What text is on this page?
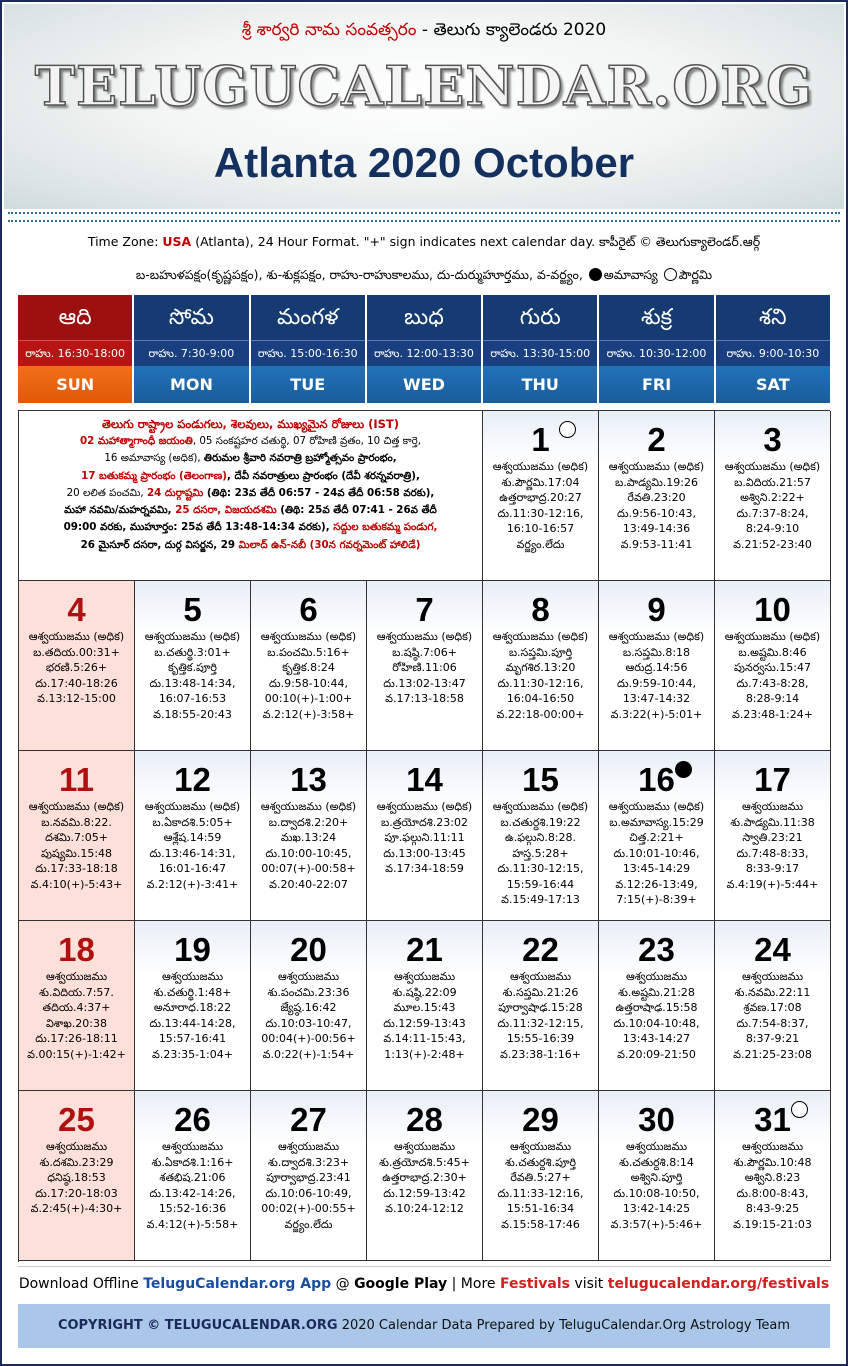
శ్రీ శార్వరి నామ సంవత్సరం - తెలుగు క్యాలెండరు 2020
TELUGUCALENDAR.ORG
Atlanta 2020 October
Time Zone: USA (Atlanta), 24 Hour Format. "+" sign indicates next calendar day. కాపీరైట్ © తెలుగుక్యాలెండర్.ఆర్గ్
బ-బహుళపక్షం(కృష్ణపక్షం), శు-శుక్లపక్షం, రాహు-రాహుకాలము, దు-దుర్ముహూర్తము, వ-వర్జ్యం, అమావాస్య పౌర్ణమి
ఆది
రాహు. 16:30-18:00
SUN
సోమ
రాహు. 7:30-9:00
MON
మంగళ
రాహు. 15:00-16:30
TUE
బుధ
రాహు. 12:00-13:30
WED
గురు
రాహు. 13:30-15:00
THU
శుక్ర
రాహు. 10:30-12:00
FRI
శని
రాహు. 9:00-10:30
SAT
తెలుగు రాష్ట్రాల పండుగలు, శెలవులు, ముఖ్యమైన రోజులు (IST)
02 మహాత్మాగాంధీ జయంతి, 05 సంకష్టహర చతుర్థి, 07 రోహిణి వ్రతం, 10 చిత్త కార్తె,
16 అమావాస్య (అధిక), తిరుమల శ్రీవారి నవరాత్రి బ్రహ్మోత్సవం ప్రారంభం,
17 బతుకమ్మ ప్రారంభం (తెలంగాణ), దేవీ నవరాత్రులు ప్రారంభం (దేవీ శరన్నవరాత్రి),
20 లలిత పంచమి, 24 దుర్గాష్టమి (తిథి: 23వ తేదీ 06:57 - 24వ తేదీ 06:58 వరకు),
మహా నవమి/మహర్నవమి, 25 దసరా, విజయదశమి (తిథి: 25వ తేదీ 07:41 - 26వ తేదీ
09:00 వరకు, ముహూర్తం: 25వ తేదీ 13:48-14:34 వరకు), సద్దుల బతుకమ్మ పండుగ,
26 మైసూర్ దసరా, దుర్గ విసర్జన, 29 మిలాద్ ఉన్-నబీ (30న గవర్నమెంట్ హాలిడే)
1
ఆశ్వయుజము (అధిక)
శు.పౌర్ణమి.17:04
ఉత్తరాభాద్ర.20:27
దు.11:30-12:16,
16:10-16:57
వర్జ్యం.లేదు
2
ఆశ్వయుజము (అధిక)
బ.పాడ్యమి.19:26
రేవతి.23:20
దు.9:56-10:43,
13:49-14:36
వ.9:53-11:41
3
ఆశ్వయుజము (అధిక)
బ.విదియ.21:57
అశ్విని.2:22+
దు.7:37-8:24,
8:24-9:10
వ.21:52-23:40
4
ఆశ్వయుజము (అధిక)
బ.తదియ.00:31+
భరణి.5:26+
దు.17:40-18:26
వ.13:12-15:00
5
ఆశ్వయుజము (అధిక)
బ.చతుర్థి.3:01+
కృత్తిక.పూర్తి
దు.13:48-14:34,
16:07-16:53
వ.18:55-20:43
6
ఆశ్వయుజము (అధిక)
బ.పంచమి.5:16+
కృత్తిక.8:24
దు.9:58-10:44,
00:10(+)-1:00+
వ.2:12(+)-3:58+
7
ఆశ్వయుజము (అధిక)
బ.షష్ఠి.7:06+
రోహిణి.11:06
దు.13:02-13:47
వ.17:13-18:58
8
ఆశ్వయుజము (అధిక)
బ.సప్తమి.పూర్తి
మృగశిర.13:20
దు.11:30-12:16,
16:04-16:50
వ.22:18-00:00+
9
ఆశ్వయుజము (అధిక)
బ.సప్తమి.8:18
ఆరుద్ర.14:56
దు.9:59-10:44,
13:47-14:32
వ.3:22(+)-5:01+
10
ఆశ్వయుజము (అధిక)
బ.అష్టమి.8:46
పునర్వసు.15:47
దు.7:43-8:28,
8:28-9:14
వ.23:48-1:24+
11
ఆశ్వయుజము (అధిక)
బ.నవమి.8:22.
దశమి.7:05+
పుష్యమి.15:48
దు.17:33-18:18
వ.4:10(+)-5:43+
12
ఆశ్వయుజము (అధిక)
బ.ఏకాదశి.5:05+
ఆశ్లేష.14:59
దు.13:46-14:31,
16:01-16:47
వ.2:12(+)-3:41+
13
ఆశ్వయుజము (అధిక)
బ.ద్వాదశి.2:20+
మఖ.13:24
దు.10:00-10:45,
00:07(+)-00:58+
వ.20:40-22:07
14
ఆశ్వయుజము (అధిక)
బ.త్రయోదశి.23:02
పూ.ఫల్గుని.11:11
దు.13:00-13:45
వ.17:34-18:59
15
ఆశ్వయుజము (అధిక)
బ.చతుర్దశి.19:22
ఉ.ఫల్గుని.8:28.
హస్త.5:28+
దు.11:30-12:15,
15:59-16:44
వ.15:49-17:13
16
ఆశ్వయుజము (అధిక)
బ.అమావాస్య.15:29
చిత్త.2:21+
దు.10:01-10:46,
13:45-14:29
వ.12:26-13:49,
7:15(+)-8:39+
17
ఆశ్వయుజము
శు.పాడ్యమి.11:38
స్వాతి.23:21
దు.7:48-8:33,
8:33-9:17
వ.4:19(+)-5:44+
18
ఆశ్వయుజము
శు.విదియ.7:57.
తదియ.4:37+
విశాఖ.20:38
దు.17:26-18:11
వ.00:15(+)-1:42+
19
ఆశ్వయుజము
శు.చతుర్థి.1:48+
అనూరాధ.18:22
దు.13:44-14:28,
15:57-16:41
వ.23:35-1:04+
20
ఆశ్వయుజము
శు.పంచమి.23:36
జ్యేష్ఠ.16:42
దు.10:03-10:47,
00:04(+)-00:56+
వ.0:22(+)-1:54+
21
ఆశ్వయుజము
శు.షష్ఠి.22:09
మూల.15:43
దు.12:59-13:43
వ.14:11-15:43,
1:13(+)-2:48+
22
ఆశ్వయుజము
శు.సప్తమి.21:26
పూర్వాషాఢ.15:28
దు.11:32-12:15,
15:55-16:39
వ.23:38-1:16+
23
ఆశ్వయుజము
శు.అష్టమి.21:28
ఉత్తరాషాఢ.15:58
దు.10:04-10:48,
13:43-14:27
వ.20:09-21:50
24
ఆశ్వయుజము
శు.నవమి.22:11
శ్రవణ.17:08
దు.7:54-8:37,
8:37-9:21
వ.21:25-23:08
25
ఆశ్వయుజము
శు.దశమి.23:29
ధనిష్ఠ.18:53
దు.17:20-18:03
వ.2:45(+)-4:30+
26
ఆశ్వయుజము
శు.ఏకాదశి.1:16+
శతభిష.21:06
దు.13:42-14:26,
15:52-16:36
వ.4:12(+)-5:58+
27
ఆశ్వయుజము
శు.ద్వాదశి.3:23+
పూర్వాభాద్ర.23:41
దు.10:06-10:49,
00:02(+)-00:55+
వర్జ్యం.లేదు
28
ఆశ్వయుజము
శు.త్రయోదశి.5:45+
ఉత్తరాభాద్ర.2:30+
దు.12:59-13:42
వ.10:24-12:12
29
ఆశ్వయుజము
శు.చతుర్దశి.పూర్తి
రేవతి.5:27+
దు.11:33-12:16,
15:51-16:34
వ.15:58-17:46
30
ఆశ్వయుజము
శు.చతుర్దశి.8:14
అశ్విని.పూర్తి
దు.10:08-10:50,
13:42-14:25
వ.3:57(+)-5:46+
31
ఆశ్వయుజము
శు.పౌర్ణమి.10:48
అశ్విని.8:23
దు.8:00-8:43,
8:43-9:25
వ.19:15-21:03
Download Offline TeluguCalendar.org App @ Google Play | More Festivals visit telugucalendar.org/festivals
COPYRIGHT © TELUGUCALENDAR.ORG 2020 Calendar Data Prepared by TeluguCalendar.Org Astrology Team
